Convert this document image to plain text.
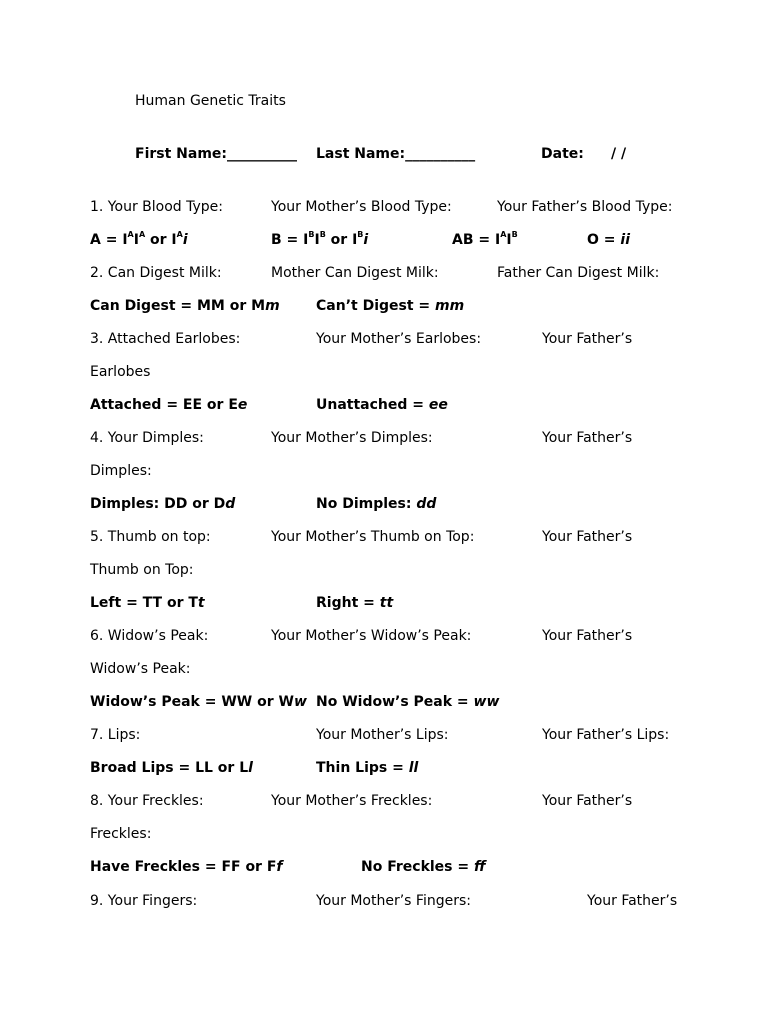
Human Genetic Traits
First Name:__________ Last Name:__________	Date: / /
1. Your Blood Type:	Your Mother’s Blood Type:	Your Father’s Blood Type:
$A = I^AI^A$ or $I^Ai$	$B = I^BI^B$ or $I^Bi$	AB = $I^AI^B$	O = ii
2. Can Digest Milk:	Mother Can Digest Milk:	Father Can Digest Milk:
Can Digest = MM or Mm	Can’t Digest = mm
3. Attached Earlobes:	Your Mother’s Earlobes:	Your Father’s
Earlobes
Attached = EE or Ee	Unattached = ee
4. Your Dimples:	Your Mother’s Dimples:	Your Father’s
Dimples:
Dimples: DD or Dd	No Dimples: dd
5. Thumb on top:	Your Mother’s Thumb on Top:	Your Father’s
Thumb on Top:
Left = TT or Tt	Right = tt
6. Widow’s Peak:	Your Mother’s Widow’s Peak:	Your Father’s
Widow’s Peak:
Widow’s Peak = WW or Ww No Widow’s Peak = ww
7. Lips:	Your Mother’s Lips:	Your Father’s Lips:
Broad Lips = LL or Ll	Thin Lips = ll
8. Your Freckles:	Your Mother’s Freckles:	Your Father’s
Freckles:
Have Freckles = FF or Ff	No Freckles = ff
9. Your Fingers:	Your Mother’s Fingers:	Your Father’s
